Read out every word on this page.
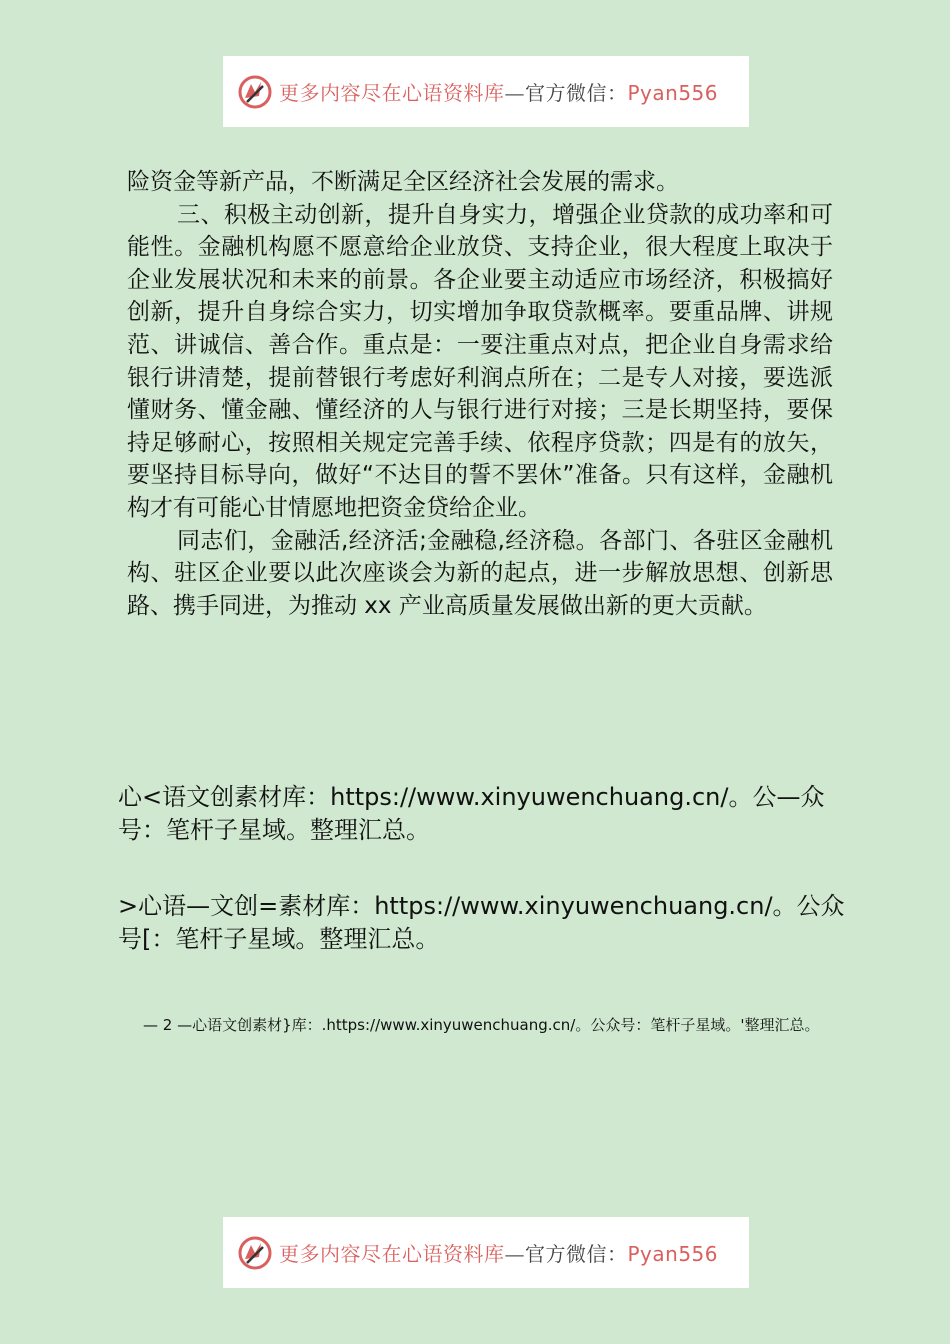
更多内容尽在心语资料库—官方微信：Pyan556

险资金等新产品，不断满足全区经济社会发展的需求。

三、积极主动创新，提升自身实力，增强企业贷款的成功率和可能性。金融机构愿不愿意给企业放贷、支持企业，很大程度上取决于企业发展状况和未来的前景。各企业要主动适应市场经济，积极搞好创新，提升自身综合实力，切实增加争取贷款概率。要重品牌、讲规范、讲诚信、善合作。重点是：一要注重点对点，把企业自身需求给银行讲清楚，提前替银行考虑好利润点所在；二是专人对接，要选派懂财务、懂金融、懂经济的人与银行进行对接；三是长期坚持，要保持足够耐心，按照相关规定完善手续、依程序贷款；四是有的放矢，要坚持目标导向，做好“不达目的誓不罢休”准备。只有这样，金融机构才有可能心甘情愿地把资金贷给企业。

同志们，金融活,经济活;金融稳,经济稳。各部门、各驻区金融机构、驻区企业要以此次座谈会为新的起点，进一步解放思想、创新思路、携手同进，为推动 xx 产业高质量发展做出新的更大贡献。

心<语文创素材库：https://www.xinyuwenchuang.cn/。公—众号：笔杆子星域。整理汇总。
>心语—文创=素材库：https://www.xinyuwenchuang.cn/。公众号[：笔杆子星域。整理汇总。
— 2 —心语文创素材}库：.https://www.xinyuwenchuang.cn/。公众号：笔杆子星域。'整理汇总。
更多内容尽在心语资料库—官方微信：Pyan556
